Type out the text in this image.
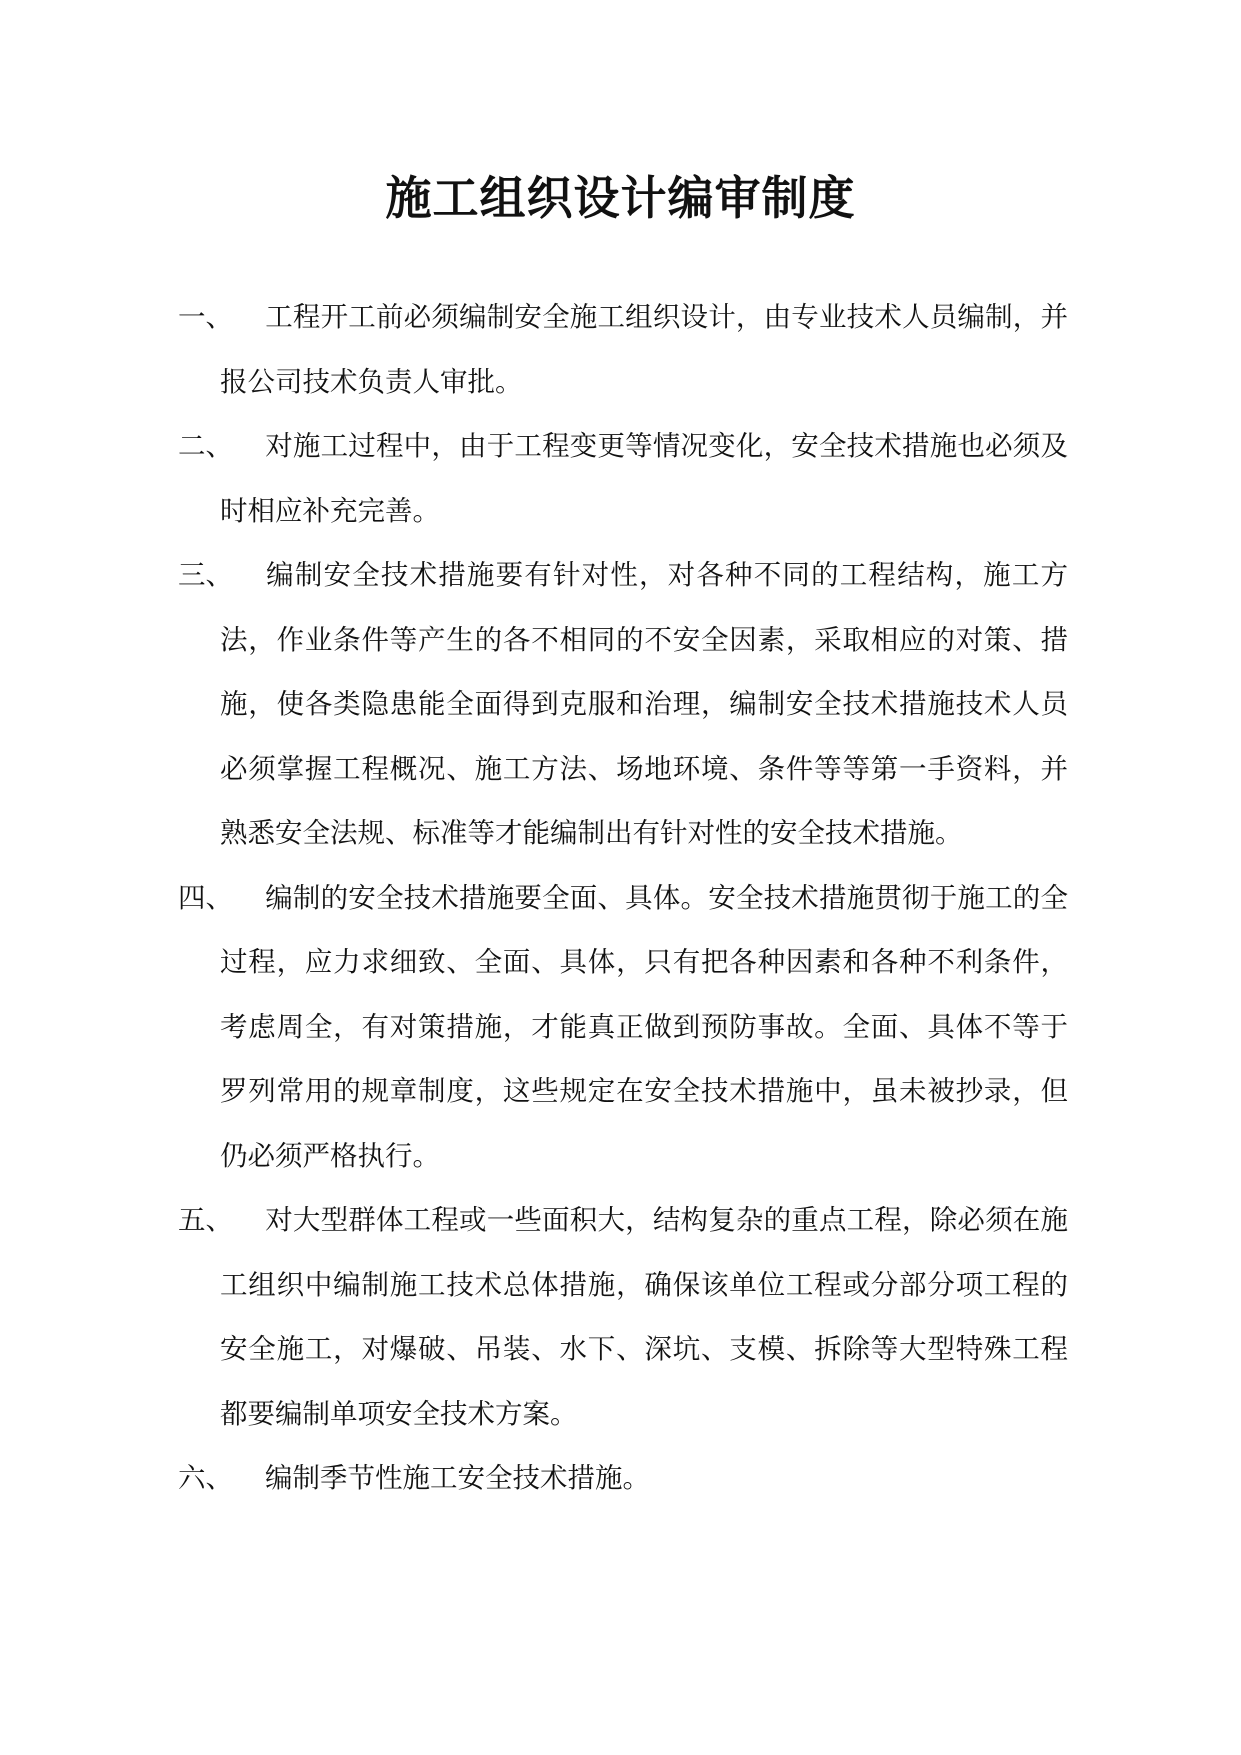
施工组织设计编审制度
一、	工程开工前必须编制安全施工组织设计，由专业技术人员编制，并报公司技术负责人审批。
二、	对施工过程中，由于工程变更等情况变化，安全技术措施也必须及时相应补充完善。
三、	编制安全技术措施要有针对性，对各种不同的工程结构，施工方法，作业条件等产生的各不相同的不安全因素，采取相应的对策、措施，使各类隐患能全面得到克服和治理，编制安全技术措施技术人员必须掌握工程概况、施工方法、场地环境、条件等等第一手资料，并熟悉安全法规、标准等才能编制出有针对性的安全技术措施。
四、	编制的安全技术措施要全面、具体。安全技术措施贯彻于施工的全过程，应力求细致、全面、具体，只有把各种因素和各种不利条件，考虑周全，有对策措施，才能真正做到预防事故。全面、具体不等于罗列常用的规章制度，这些规定在安全技术措施中，虽未被抄录，但仍必须严格执行。
五、	对大型群体工程或一些面积大，结构复杂的重点工程，除必须在施工组织中编制施工技术总体措施，确保该单位工程或分部分项工程的安全施工，对爆破、吊装、水下、深坑、支模、拆除等大型特殊工程都要编制单项安全技术方案。
六、	编制季节性施工安全技术措施。
